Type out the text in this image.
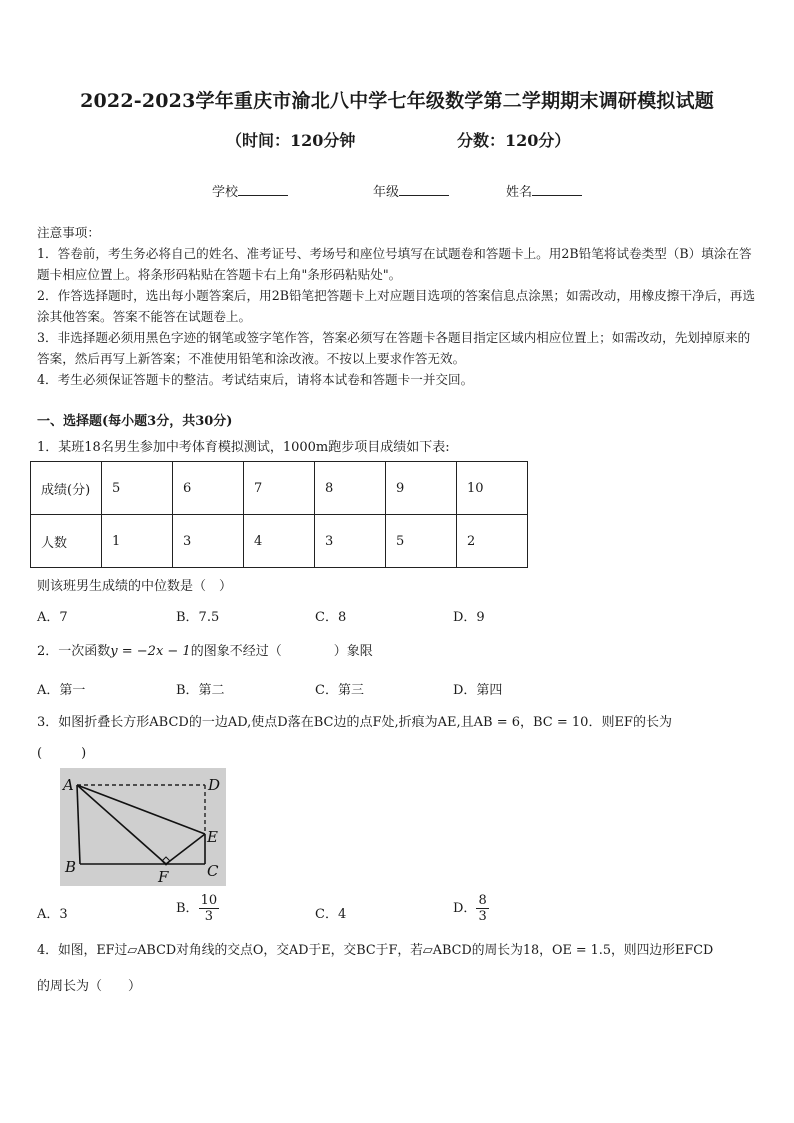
2022-2023学年重庆市渝北八中学七年级数学第二学期期末调研模拟试题
（时间：120分钟	分数：120分）
学校	年级	姓名

注意事项：

1．答卷前，考生务必将自己的姓名、准考证号、考场号和座位号填写在试题卷和答题卡上。用2B铅笔将试卷类型（B）填涂在答题卡相应位置上。将条形码粘贴在答题卡右上角"条形码粘贴处"。

2．作答选择题时，选出每小题答案后，用2B铅笔把答题卡上对应题目选项的答案信息点涂黑；如需改动，用橡皮擦干净后，再选涂其他答案。答案不能答在试题卷上。

3．非选择题必须用黑色字迹的钢笔或签字笔作答，答案必须写在答题卡各题目指定区域内相应位置上；如需改动，先划掉原来的答案，然后再写上新答案；不准使用铅笔和涂改液。不按以上要求作答无效。

4．考生必须保证答题卡的整洁。考试结束后，请将本试卷和答题卡一并交回。

一、选择题(每小题3分，共30分)
1．某班18名男生参加中考体育模拟测试，1000m跑步项目成绩如下表:
成绩(分)	5	6	7	8	9	10
人数	1	3	4	3	5	2
则该班男生成绩的中位数是（　）
A．7	B．7.5	C．8	D．9
2．一次函数y = −2x − 1的图象不经过（　　　　）象限
A．第一	B．第二	C．第三	D．第四
3．如图折叠长方形ABCD的一边AD,使点D落在BC边的点F处,折痕为AE,且AB = 6，BC = 10．则EF的长为
(　　　)
A	D
E
B
F	C
A．3	B． $\frac{10}{3}$	C．4	D． $\frac{8}{3}$
4．如图，EF过▱ABCD对角线的交点O，交AD于E，交BC于F，若▱ABCD的周长为18，OE = 1.5，则四边形EFCD
的周长为（　　）
